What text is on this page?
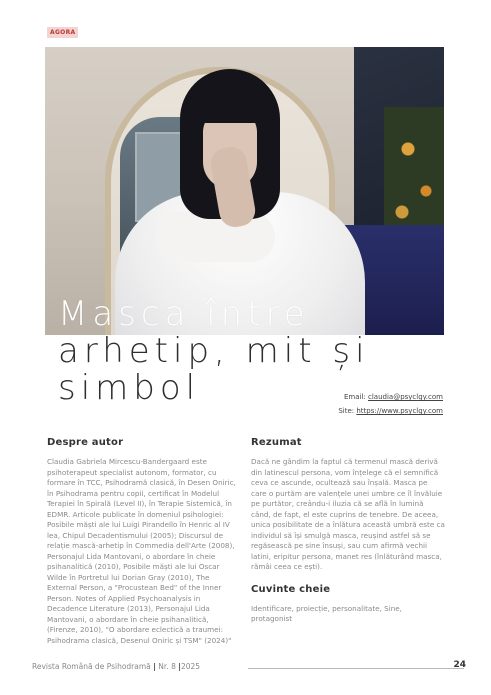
AGORA
Masca între
arhetip, mit și
simbol	Email: claudia@psyclgy.com
Site: https://www.psyclgy.com
Despre autor

Claudia Gabriela Mircescu-Bandergaard este psihoterapeut specialist autonom, formator, cu formare în TCC, Psihodramă clasică, în Desen Oniric, în Psihodrama pentru copii, certificat în Modelul Terapiei în Spirală (Level II), în Terapie Sistemică, în EDMR. Articole publicate în domeniul psihologiei: Posibile măști ale lui Luigi Pirandello în Henric al IV lea, Chipul Decadentismului (2005); Discursul de relație mască-arhetip în Commedia dell'Arte (2008), Personajul Lida Mantovani, o abordare în cheie psihanalitică (2010), Posibile măști ale lui Oscar Wilde în Portretul lui Dorian Gray (2010), The External Person, a "Procustean Bed" of the Inner Person. Notes of Applied Psychoanalysis in Decadence Literature (2013), Personajul Lida Mantovani, o abordare în cheie psihanalitică, (Firenze, 2010), "O abordare eclectică a traumei: Psihodrama clasică, Desenul Oniric și TSM" (2024)"

Rezumat

Dacă ne gândim la faptul că termenul mască derivă din latinescul persona, vom înțelege că el semnifică ceva ce ascunde, ocultează sau înșală. Masca pe care o purtăm are valențele unei umbre ce îl învăluie pe purtător, creându-i iluzia că se află în lumină când, de fapt, el este cuprins de tenebre. De aceea, unica posibilitate de a înlătura această umbră este ca individul să își smulgă masca, reușind astfel să se regăsească pe sine însuși, sau cum afirmă vechii latini, eripitur persona, manet res (înlăturând masca, rămâi ceea ce ești).

Cuvinte cheie

Identificare, proiecție, personalitate, Sine, protagonist

Revista Română de Psihodramă | Nr. 8 |2025	24
